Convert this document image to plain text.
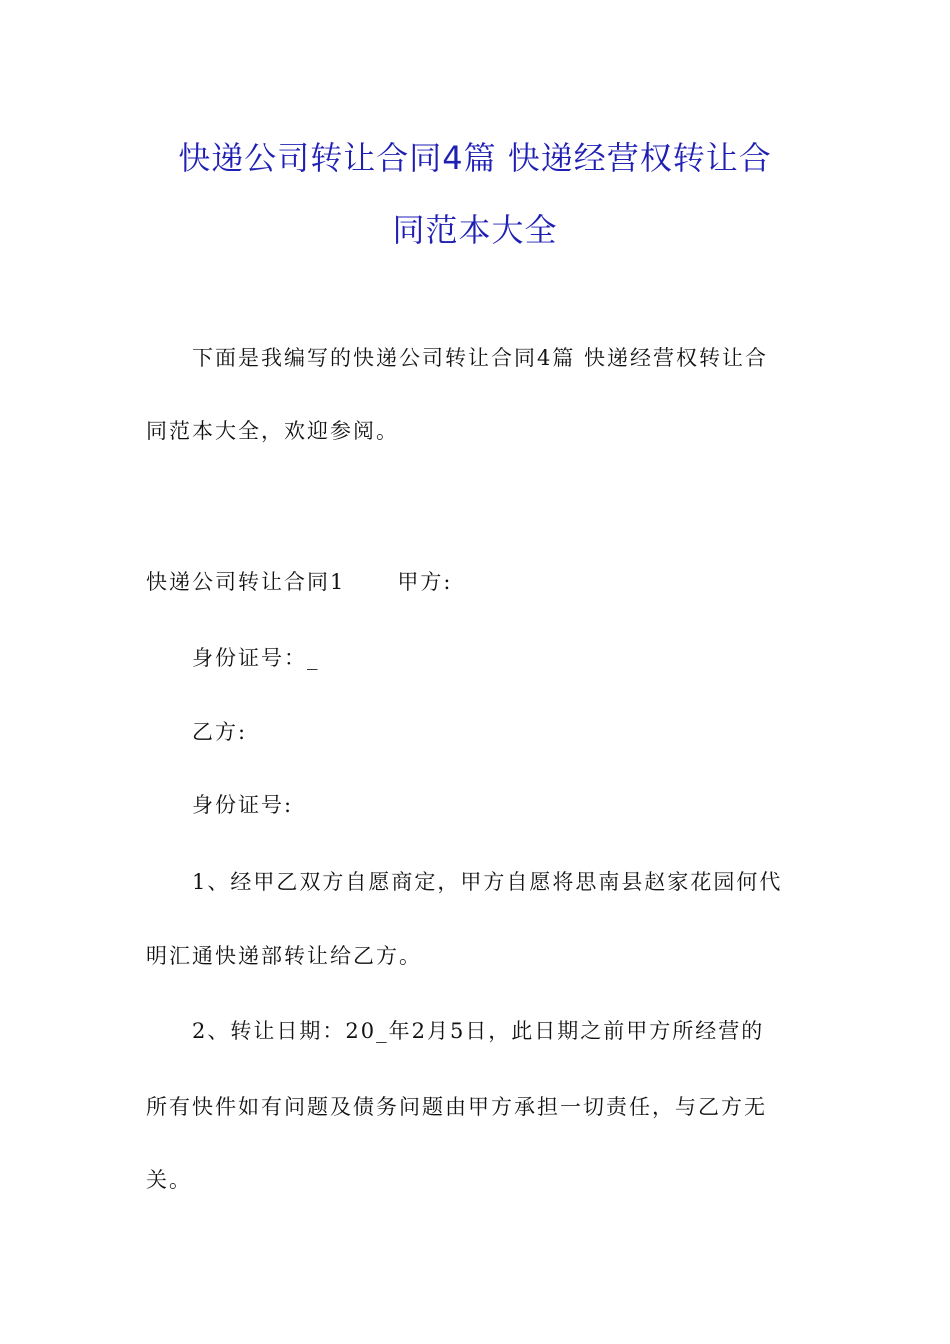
快递公司转让合同4篇 快递经营权转让合
同范本大全
下面是我编写的快递公司转让合同4篇 快递经营权转让合
同范本大全，欢迎参阅。
快递公司转让合同1 甲方:
身份证号：_
乙方:
身份证号:
1、经甲乙双方自愿商定，甲方自愿将思南县赵家花园何代
明汇通快递部转让给乙方。
2、转让日期：20_年2月5日，此日期之前甲方所经营的
所有快件如有问题及债务问题由甲方承担一切责任，与乙方无
关。
